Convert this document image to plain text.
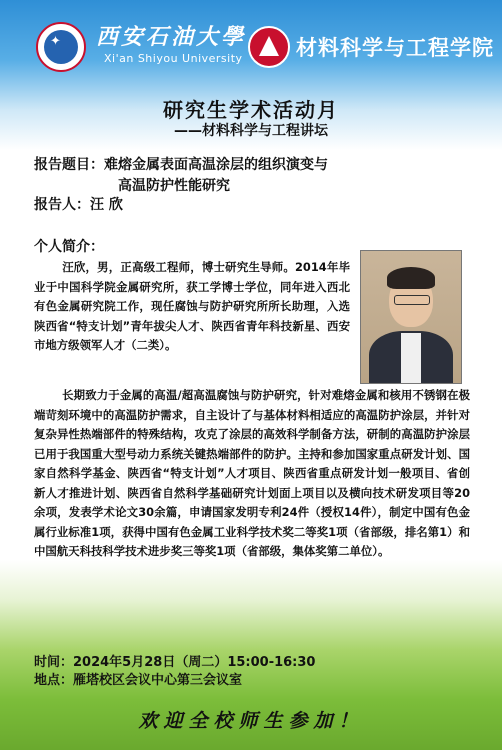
✦ 西安石油大學
Xi'an Shiyou University	材料科学与工程学院
研究生学术活动月
——材料科学与工程讲坛
报告题目：难熔金属表面高温涂层的组织演变与
高温防护性能研究
报告人：汪 欣
个人简介：
汪欣，男，正高级工程师，博士研究生导师。2014年毕业于中国科学院金属研究所，获工学博士学位，同年进入西北有色金属研究院工作，现任腐蚀与防护研究所所长助理，入选陕西省“特支计划”青年拔尖人才、陕西省青年科技新星、西安市地方级领军人才（二类）。
长期致力于金属的高温/超高温腐蚀与防护研究，针对难熔金属和核用不锈钢在极端苛刻环境中的高温防护需求，自主设计了与基体材料相适应的高温防护涂层，并针对复杂异性热端部件的特殊结构，攻克了涂层的高效科学制备方法，研制的高温防护涂层已用于我国重大型号动力系统关键热端部件的防护。主持和参加国家重点研发计划、国家自然科学基金、陕西省“特支计划”人才项目、陕西省重点研发计划一般项目、省创新人才推进计划、陕西省自然科学基础研究计划面上项目以及横向技术研发项目等20余项，发表学术论文30余篇，申请国家发明专利24件（授权14件），制定中国有色金属行业标准1项，获得中国有色金属工业科学技术奖二等奖1项（省部级，排名第1）和中国航天科技科学技术进步奖三等奖1项（省部级，集体奖第二单位）。
时间：2024年5月28日（周二）15:00-16:30
地点：雁塔校区会议中心第三会议室
欢迎全校师生参加！
